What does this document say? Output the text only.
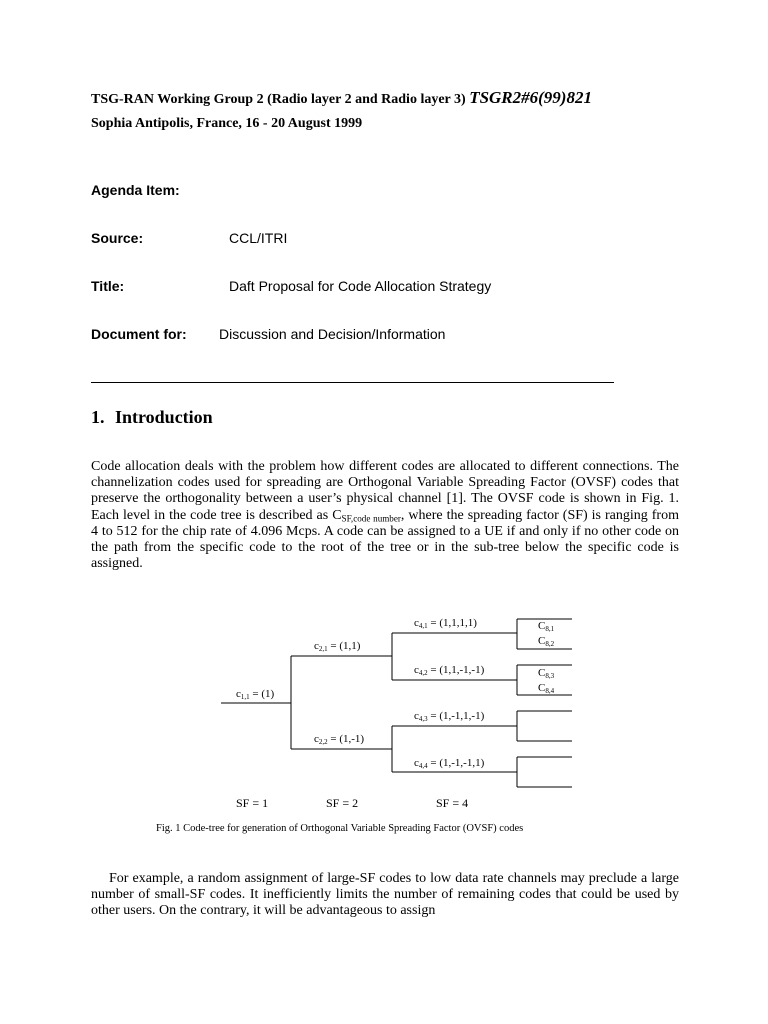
TSG-RAN Working Group 2 (Radio layer 2 and Radio layer 3) TSGR2#6(99)821
Sophia Antipolis, France, 16 - 20 August 1999
Agenda Item:
Source:	CCL/ITRI
Title:	Daft Proposal for Code Allocation Strategy
Document for: Discussion and Decision/Information
1. Introduction

Code allocation deals with the problem how different codes are allocated to different connections. The channelization codes used for spreading are Orthogonal Variable Spreading Factor (OVSF) codes that preserve the orthogonality between a user’s physical channel [1]. The OVSF code is shown in Fig. 1. Each level in the code tree is described as $C_{SF,code number}$, where the spreading factor (SF) is ranging from 4 to 512 for the chip rate of 4.096 Mcps. A code can be assigned to a UE if and only if no other code on the path from the specific code to the root of the tree or in the sub-tree below the specific code is assigned.

c1,1 = (1)
c2,1 = (1,1)
c2,2 = (1,-1)
c4,1 = (1,1,1,1)
c4,2 = (1,1,-1,-1)
c4,3 = (1,-1,1,-1)
c4,4 = (1,-1,-1,1)
C8,1
C8,2
C8,3
C8,4
SF = 1	SF = 2	SF = 4
Fig. 1 Code-tree for generation of Orthogonal Variable Spreading Factor (OVSF) codes

For example, a random assignment of large-SF codes to low data rate channels may preclude a large number of small-SF codes. It inefficiently limits the number of remaining codes that could be used by other users. On the contrary, it will be advantageous to assign
